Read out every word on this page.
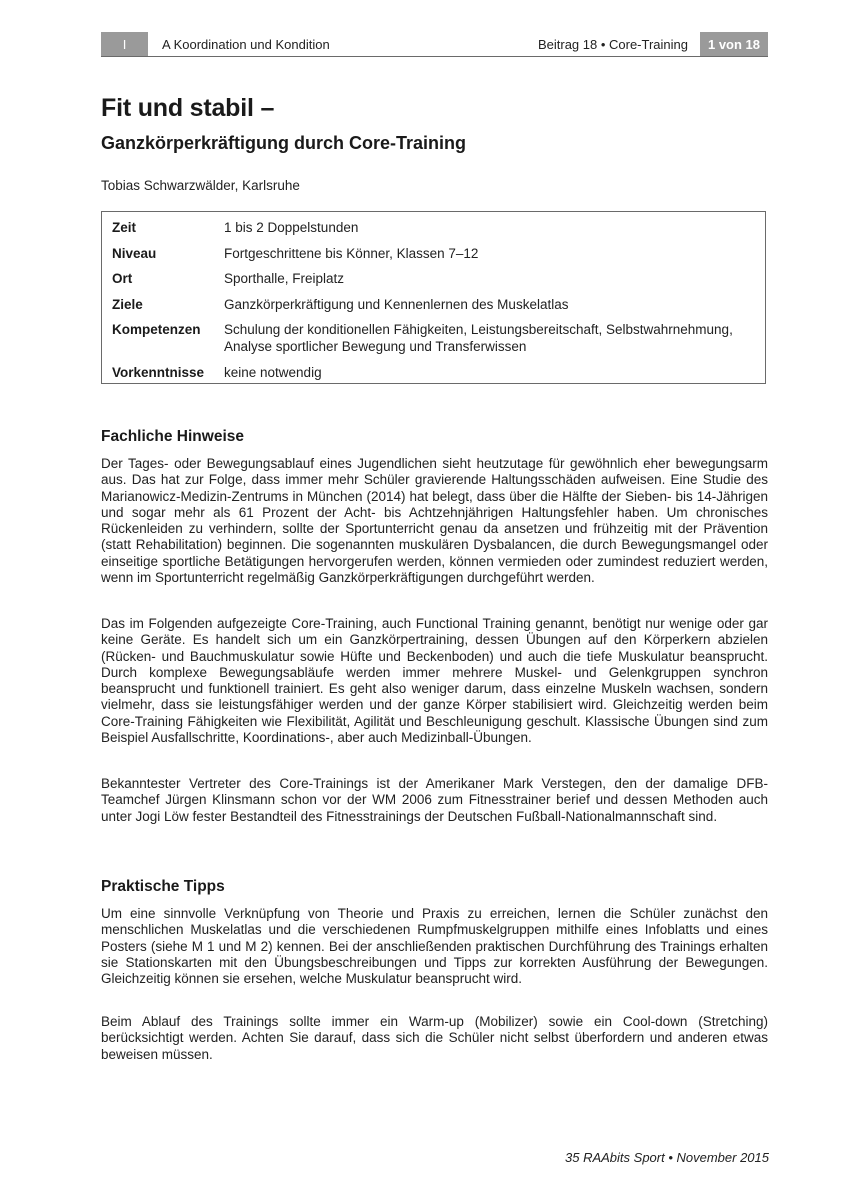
I	A Koordination und Kondition	Beitrag 18 • Core-Training	1 von 18
Fit und stabil –
Ganzkörperkräftigung durch Core-Training
Tobias Schwarzwälder, Karlsruhe
Zeit	1 bis 2 Doppelstunden
Niveau	Fortgeschrittene bis Könner, Klassen 7–12
Ort	Sporthalle, Freiplatz
Ziele	Ganzkörperkräftigung und Kennenlernen des Muskelatlas
Kompetenzen	Schulung der konditionellen Fähigkeiten, Leistungsbereitschaft, Selbstwahrnehmung, Analyse sportlicher Bewegung und Transferwissen
Vorkenntnisse	keine notwendig
Fachliche Hinweise

Der Tages- oder Bewegungsablauf eines Jugendlichen sieht heutzutage für gewöhnlich eher bewegungsarm aus. Das hat zur Folge, dass immer mehr Schüler gravierende Haltungsschäden aufweisen. Eine Studie des Marianowicz-Medizin-Zentrums in München (2014) hat belegt, dass über die Hälfte der Sieben- bis 14-Jährigen und sogar mehr als 61 Prozent der Acht- bis Achtzehnjährigen Haltungsfehler haben. Um chronisches Rückenleiden zu verhindern, sollte der Sportunterricht genau da ansetzen und frühzeitig mit der Prävention (statt Rehabilitation) beginnen. Die sogenannten muskulären Dysbalancen, die durch Bewegungsmangel oder einseitige sportliche Betätigungen hervorgerufen werden, können vermieden oder zumindest reduziert werden, wenn im Sportunterricht regelmäßig Ganzkörperkräftigungen durchgeführt werden.

Das im Folgenden aufgezeigte Core-Training, auch Functional Training genannt, benötigt nur wenige oder gar keine Geräte. Es handelt sich um ein Ganzkörpertraining, dessen Übungen auf den Körperkern abzielen (Rücken- und Bauchmuskulatur sowie Hüfte und Beckenboden) und auch die tiefe Muskulatur beansprucht. Durch komplexe Bewegungsabläufe werden immer mehrere Muskel- und Gelenkgruppen synchron beansprucht und funktionell trainiert. Es geht also weniger darum, dass einzelne Muskeln wachsen, sondern vielmehr, dass sie leistungsfähiger werden und der ganze Körper stabilisiert wird. Gleichzeitig werden beim Core-Training Fähigkeiten wie Flexibilität, Agilität und Beschleunigung geschult. Klassische Übungen sind zum Beispiel Ausfallschritte, Koordinations-, aber auch Medizinball-Übungen.

Bekanntester Vertreter des Core-Trainings ist der Amerikaner Mark Verstegen, den der damalige DFB-Teamchef Jürgen Klinsmann schon vor der WM 2006 zum Fitnesstrainer berief und dessen Methoden auch unter Jogi Löw fester Bestandteil des Fitnesstrainings der Deutschen Fußball-Nationalmannschaft sind.

Praktische Tipps

Um eine sinnvolle Verknüpfung von Theorie und Praxis zu erreichen, lernen die Schüler zunächst den menschlichen Muskelatlas und die verschiedenen Rumpfmuskelgruppen mithilfe eines Infoblatts und eines Posters (siehe M 1 und M 2) kennen. Bei der anschließenden praktischen Durchführung des Trainings erhalten sie Stationskarten mit den Übungsbeschreibungen und Tipps zur korrekten Ausführung der Bewegungen. Gleichzeitig können sie ersehen, welche Muskulatur beansprucht wird.

Beim Ablauf des Trainings sollte immer ein Warm-up (Mobilizer) sowie ein Cool-down (Stretching) berücksichtigt werden. Achten Sie darauf, dass sich die Schüler nicht selbst überfordern und anderen etwas beweisen müssen.

35 RAAbits Sport • November 2015
